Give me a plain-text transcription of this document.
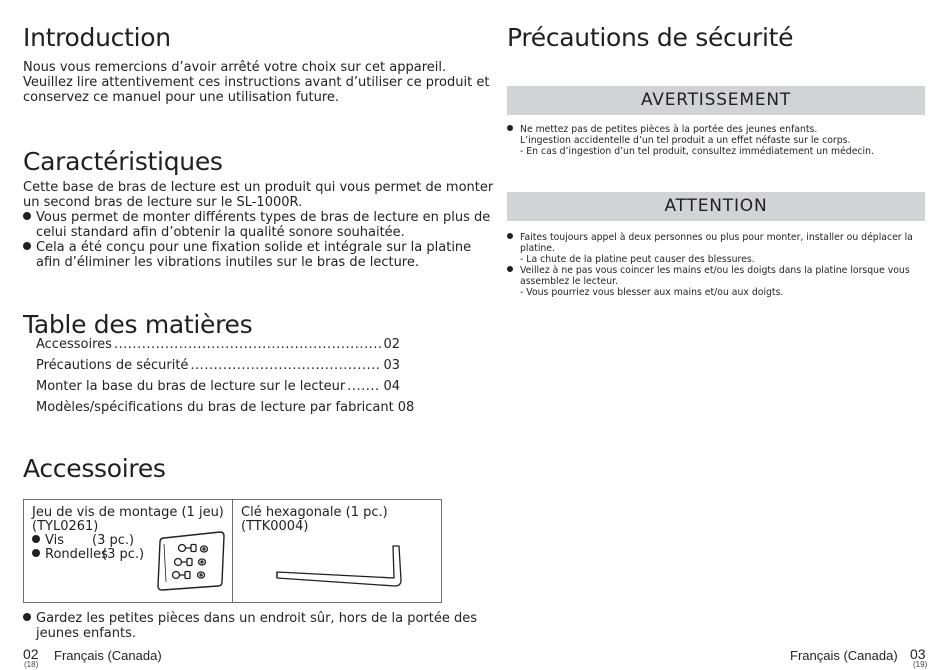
Introduction
Nous vous remercions d’avoir arrêté votre choix sur cet appareil.
Veuillez lire attentivement ces instructions avant d’utiliser ce produit et
conservez ce manuel pour une utilisation future.
Caractéristiques
Cette base de bras de lecture est un produit qui vous permet de monter
un second bras de lecture sur le SL-1000R.
Vous permet de monter différents types de bras de lecture en plus de
celui standard afin d’obtenir la qualité sonore souhaitée.
Cela a été conçu pour une fixation solide et intégrale sur la platine
afin d’éliminer les vibrations inutiles sur le bras de lecture.
Table des matières
Accessoires .....	02
Précautions de sécurité .....	03
Monter la base du bras de lecture sur le lecteur .....	04
Modèles/spécifications du bras de lecture par fabricant 08
Accessoires
Jeu de vis de montage (1 jeu)
(TYL0261)
Vis	(3 pc.)
Rondelles
(3 pc.)
Clé hexagonale (1 pc.)
(TTK0004)
Gardez les petites pièces dans un endroit sûr, hors de la portée des
jeunes enfants.
02
(18)
Français (Canada)
Précautions de sécurité
AVERTISSEMENT
Ne mettez pas de petites pièces à la portée des jeunes enfants.
L’ingestion accidentelle d’un tel produit a un effet néfaste sur le corps.
- En cas d’ingestion d’un tel produit, consultez immédiatement un médecin.
ATTENTION
Faites toujours appel à deux personnes ou plus pour monter, installer ou déplacer la
platine.
- La chute de la platine peut causer des blessures.
Veillez à ne pas vous coincer les mains et/ou les doigts dans la platine lorsque vous
assemblez le lecteur.
- Vous pourriez vous blesser aux mains et/ou aux doigts.
Français (Canada) 03
(19)
